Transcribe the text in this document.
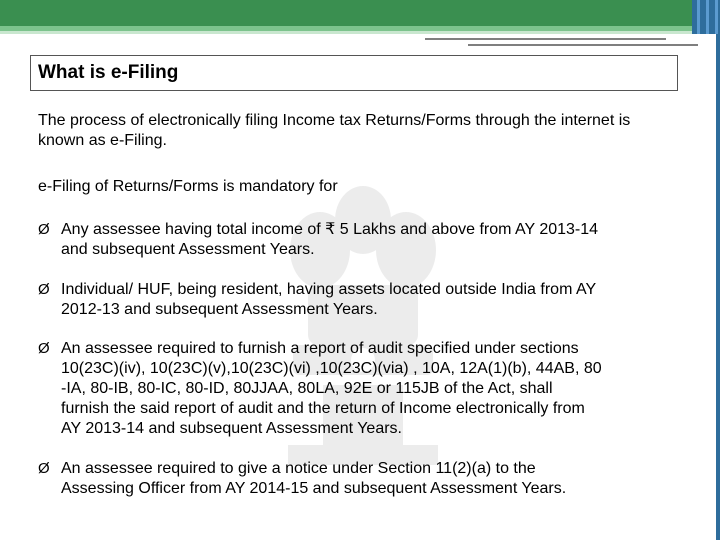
What is e-Filing
The process of electronically filing Income tax Returns/Forms through the internet is known as e-Filing.
e-Filing of Returns/Forms is mandatory for
Ø Any assessee having total income of ₹ 5 Lakhs and above from AY 2013-14
and subsequent Assessment Years.
Ø Individual/ HUF, being resident, having assets located outside India from AY
2012-13 and subsequent Assessment Years.
Ø An assessee required to furnish a report of audit specified under sections
10(23C)(iv), 10(23C)(v),10(23C)(vi) ,10(23C)(via) , 10A, 12A(1)(b), 44AB, 80
-IA, 80-IB, 80-IC, 80-ID, 80JJAA, 80LA, 92E or 115JB of the Act, shall
furnish the said report of audit and the return of Income electronically from
AY 2013-14 and subsequent Assessment Years.
Ø An assessee required to give a notice under Section 11(2)(a) to the
Assessing Officer from AY 2014-15 and subsequent Assessment Years.
